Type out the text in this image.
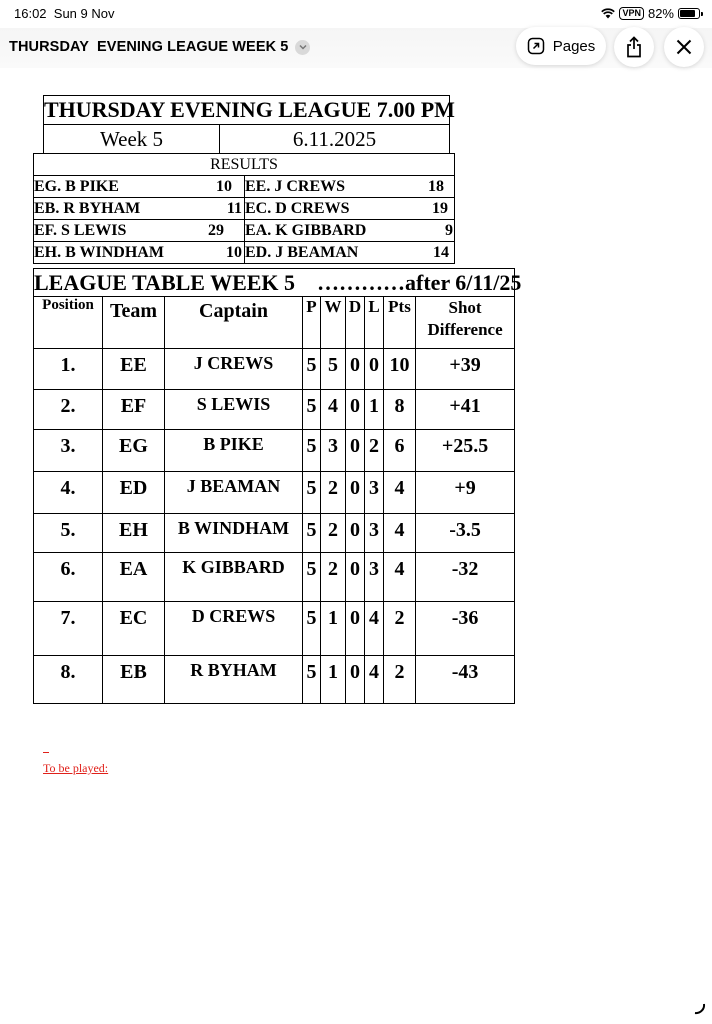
16:02 Sun 9 Nov	VPN 82%
THURSDAY  EVENING LEAGUE WEEK 5	Pages
THURSDAY EVENING LEAGUE 7.00 PM
Week 5	6.11.2025
RESULTS		
EG. B PIKE	10	EE. J CREWS 18

EB. R BYHAM	11	EC. D CREWS 19

EF. S LEWIS	29	EA. K GIBBARD 9

EH. B WINDHAM	10	ED. J BEAMAN 14
LEAGUE TABLE WEEK 5    …………after 6/11/25								
Position	Team	Captain	P	W	D	L	Pts	Shot Difference
1.	EE	J CREWS	5	5	0	0	10	+39
2.	EF	S LEWIS	5	4	0	1	8	+41
3.	EG	B PIKE	5	3	0	2	6	+25.5
4.	ED	J BEAMAN	5	2	0	3	4	+9
5.	EH	B WINDHAM	5	2	0	3	4	-3.5
6.	EA	K GIBBARD	5	2	0	3	4	-32
7.	EC	D CREWS	5	1	0	4	2	-36
8.	EB	R BYHAM	5	1	0	4	2	-43

To be played:
